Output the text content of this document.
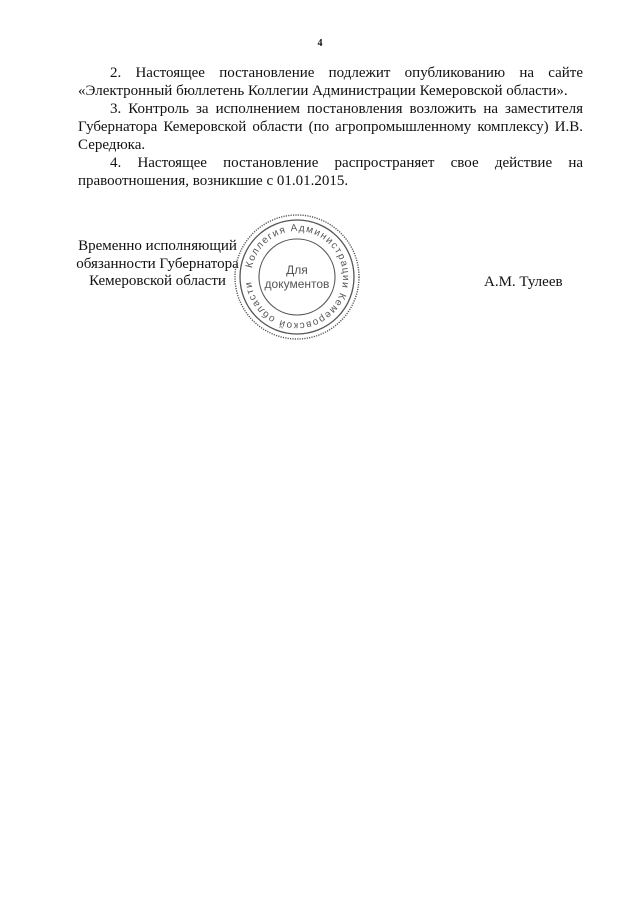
4

2. Настоящее постановление подлежит опубликованию на сайте «Электронный бюллетень Коллегии Администрации Кемеровской области».

3. Контроль за исполнением постановления возложить на заместителя Губернатора Кемеровской области (по агропромышленному комплексу) И.В. Середюка.

4. Настоящее постановление распространяет свое действие на правоотношения, возникшие с 01.01.2015.

Временно исполняющий
обязанности Губернатора
Кемеровской области
Коллегия Администрации Кемеровской области
Для
документов	А.М. Тулеев
